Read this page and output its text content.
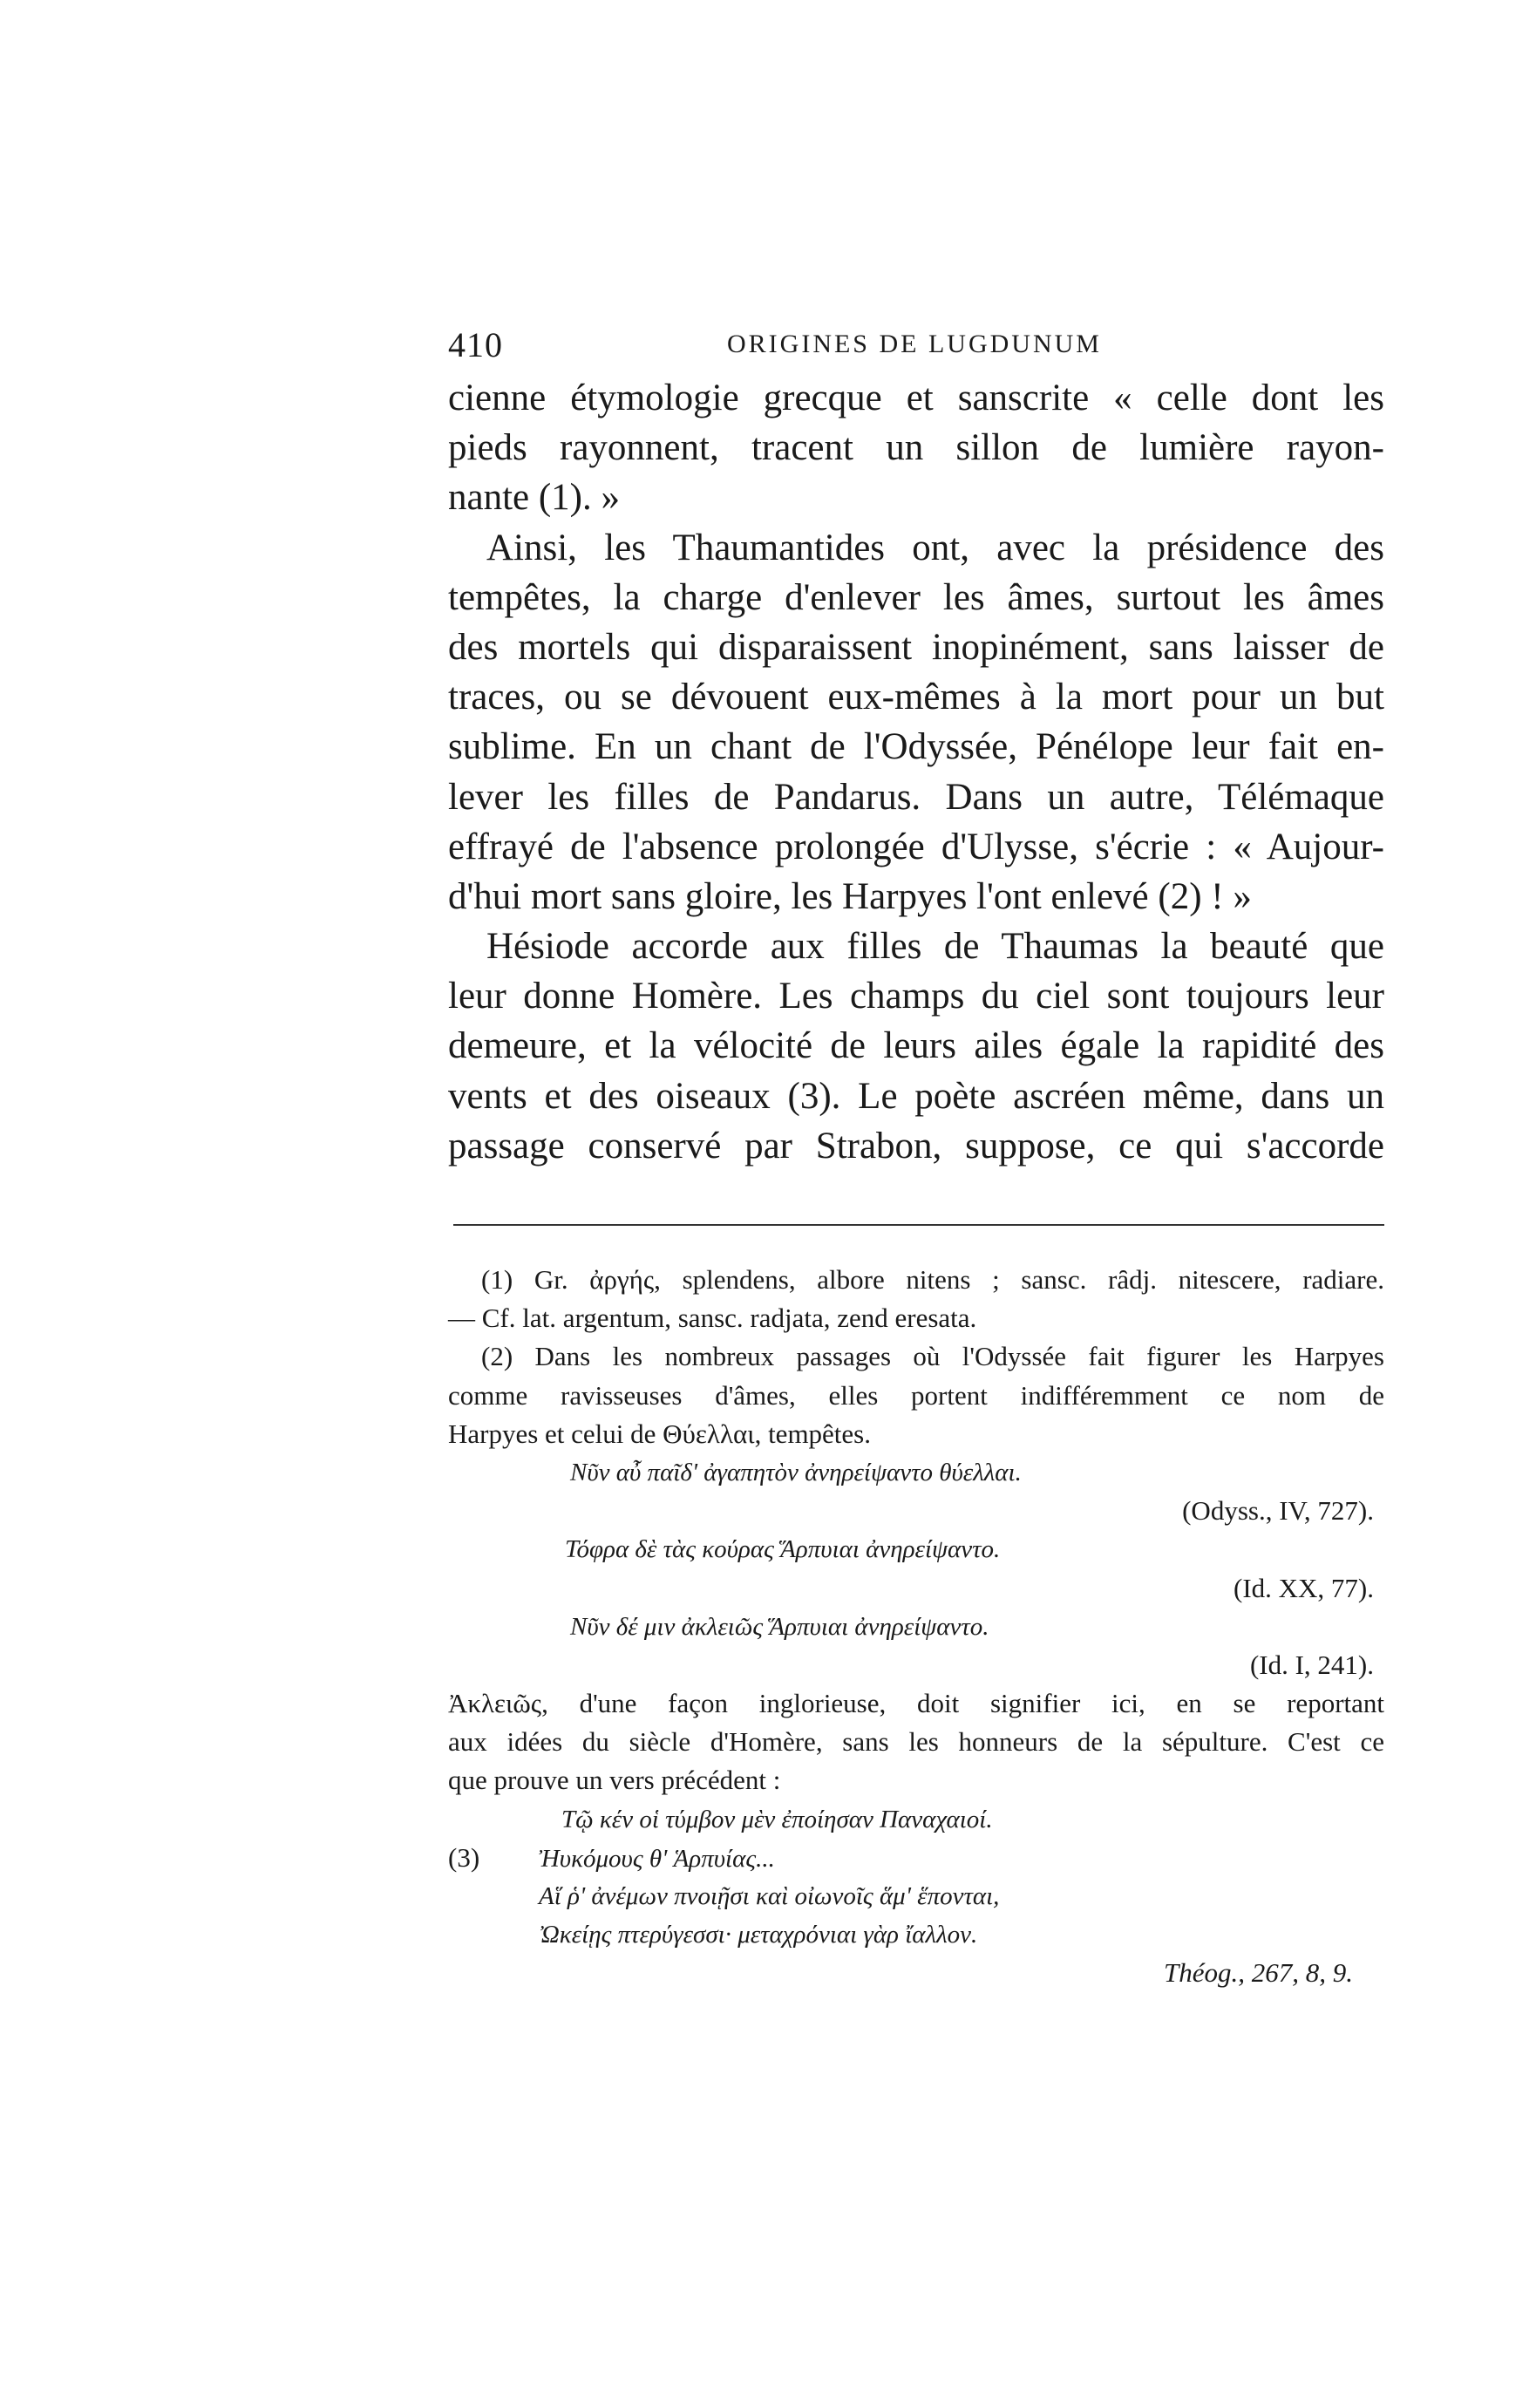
410	ORIGINES DE LUGDUNUM
cienne étymologie grecque et sanscrite « celle dont les
pieds rayonnent, tracent un sillon de lumière rayon-
nante (1). »
Ainsi, les Thaumantides ont, avec la présidence des
tempêtes, la charge d'enlever les âmes, surtout les âmes
des mortels qui disparaissent inopinément, sans laisser de
traces, ou se dévouent eux-mêmes à la mort pour un but
sublime. En un chant de l'Odyssée, Pénélope leur fait en-
lever les filles de Pandarus. Dans un autre, Télémaque
effrayé de l'absence prolongée d'Ulysse, s'écrie : « Aujour-
d'hui mort sans gloire, les Harpyes l'ont enlevé (2) ! »
Hésiode accorde aux filles de Thaumas la beauté que
leur donne Homère. Les champs du ciel sont toujours leur
demeure, et la vélocité de leurs ailes égale la rapidité des
vents et des oiseaux (3). Le poète ascréen même, dans un
passage conservé par Strabon, suppose, ce qui s'accorde
(1) Gr. ἀργής, splendens, albore nitens ; sansc. rȃdj. nitescere, radiare.
— Cf. lat. argentum, sansc. radjata, zend eresata.
(2) Dans les nombreux passages où l'Odyssée fait figurer les Harpyes
comme ravisseuses d'âmes, elles portent indifféremment ce nom de
Harpyes et celui de Θύελλαι, tempêtes.
Νῦν αὖ παῖδ' ἀγαπητὸν ἀνηρείψαντο θύελλαι.
(Odyss., IV, 727).
Τόφρα δὲ τὰς κούρας Ἅρπυιαι ἀνηρείψαντο.
(Id. XX, 77).
Νῦν δέ μιν ἀκλειῶς Ἅρπυιαι ἀνηρείψαντο.
(Id. I, 241).
Ἀκλειῶς, d'une façon inglorieuse, doit signifier ici, en se reportant
aux idées du siècle d'Homère, sans les honneurs de la sépulture. C'est ce
que prouve un vers précédent :
Τῷ κέν οἱ τύμβον μὲν ἐποίησαν Παναχαιοί.
(3) Ἠυκόμους θ' Ἁρπυίας...
Αἵ ῥ' ἀνέμων πνοιῇσι καὶ οἰωνοῖς ἅμ' ἕπονται,
Ὠκείῃς πτερύγεσσι· μεταχρόνιαι γὰρ ἴαλλον.
Théog., 267, 8, 9.
